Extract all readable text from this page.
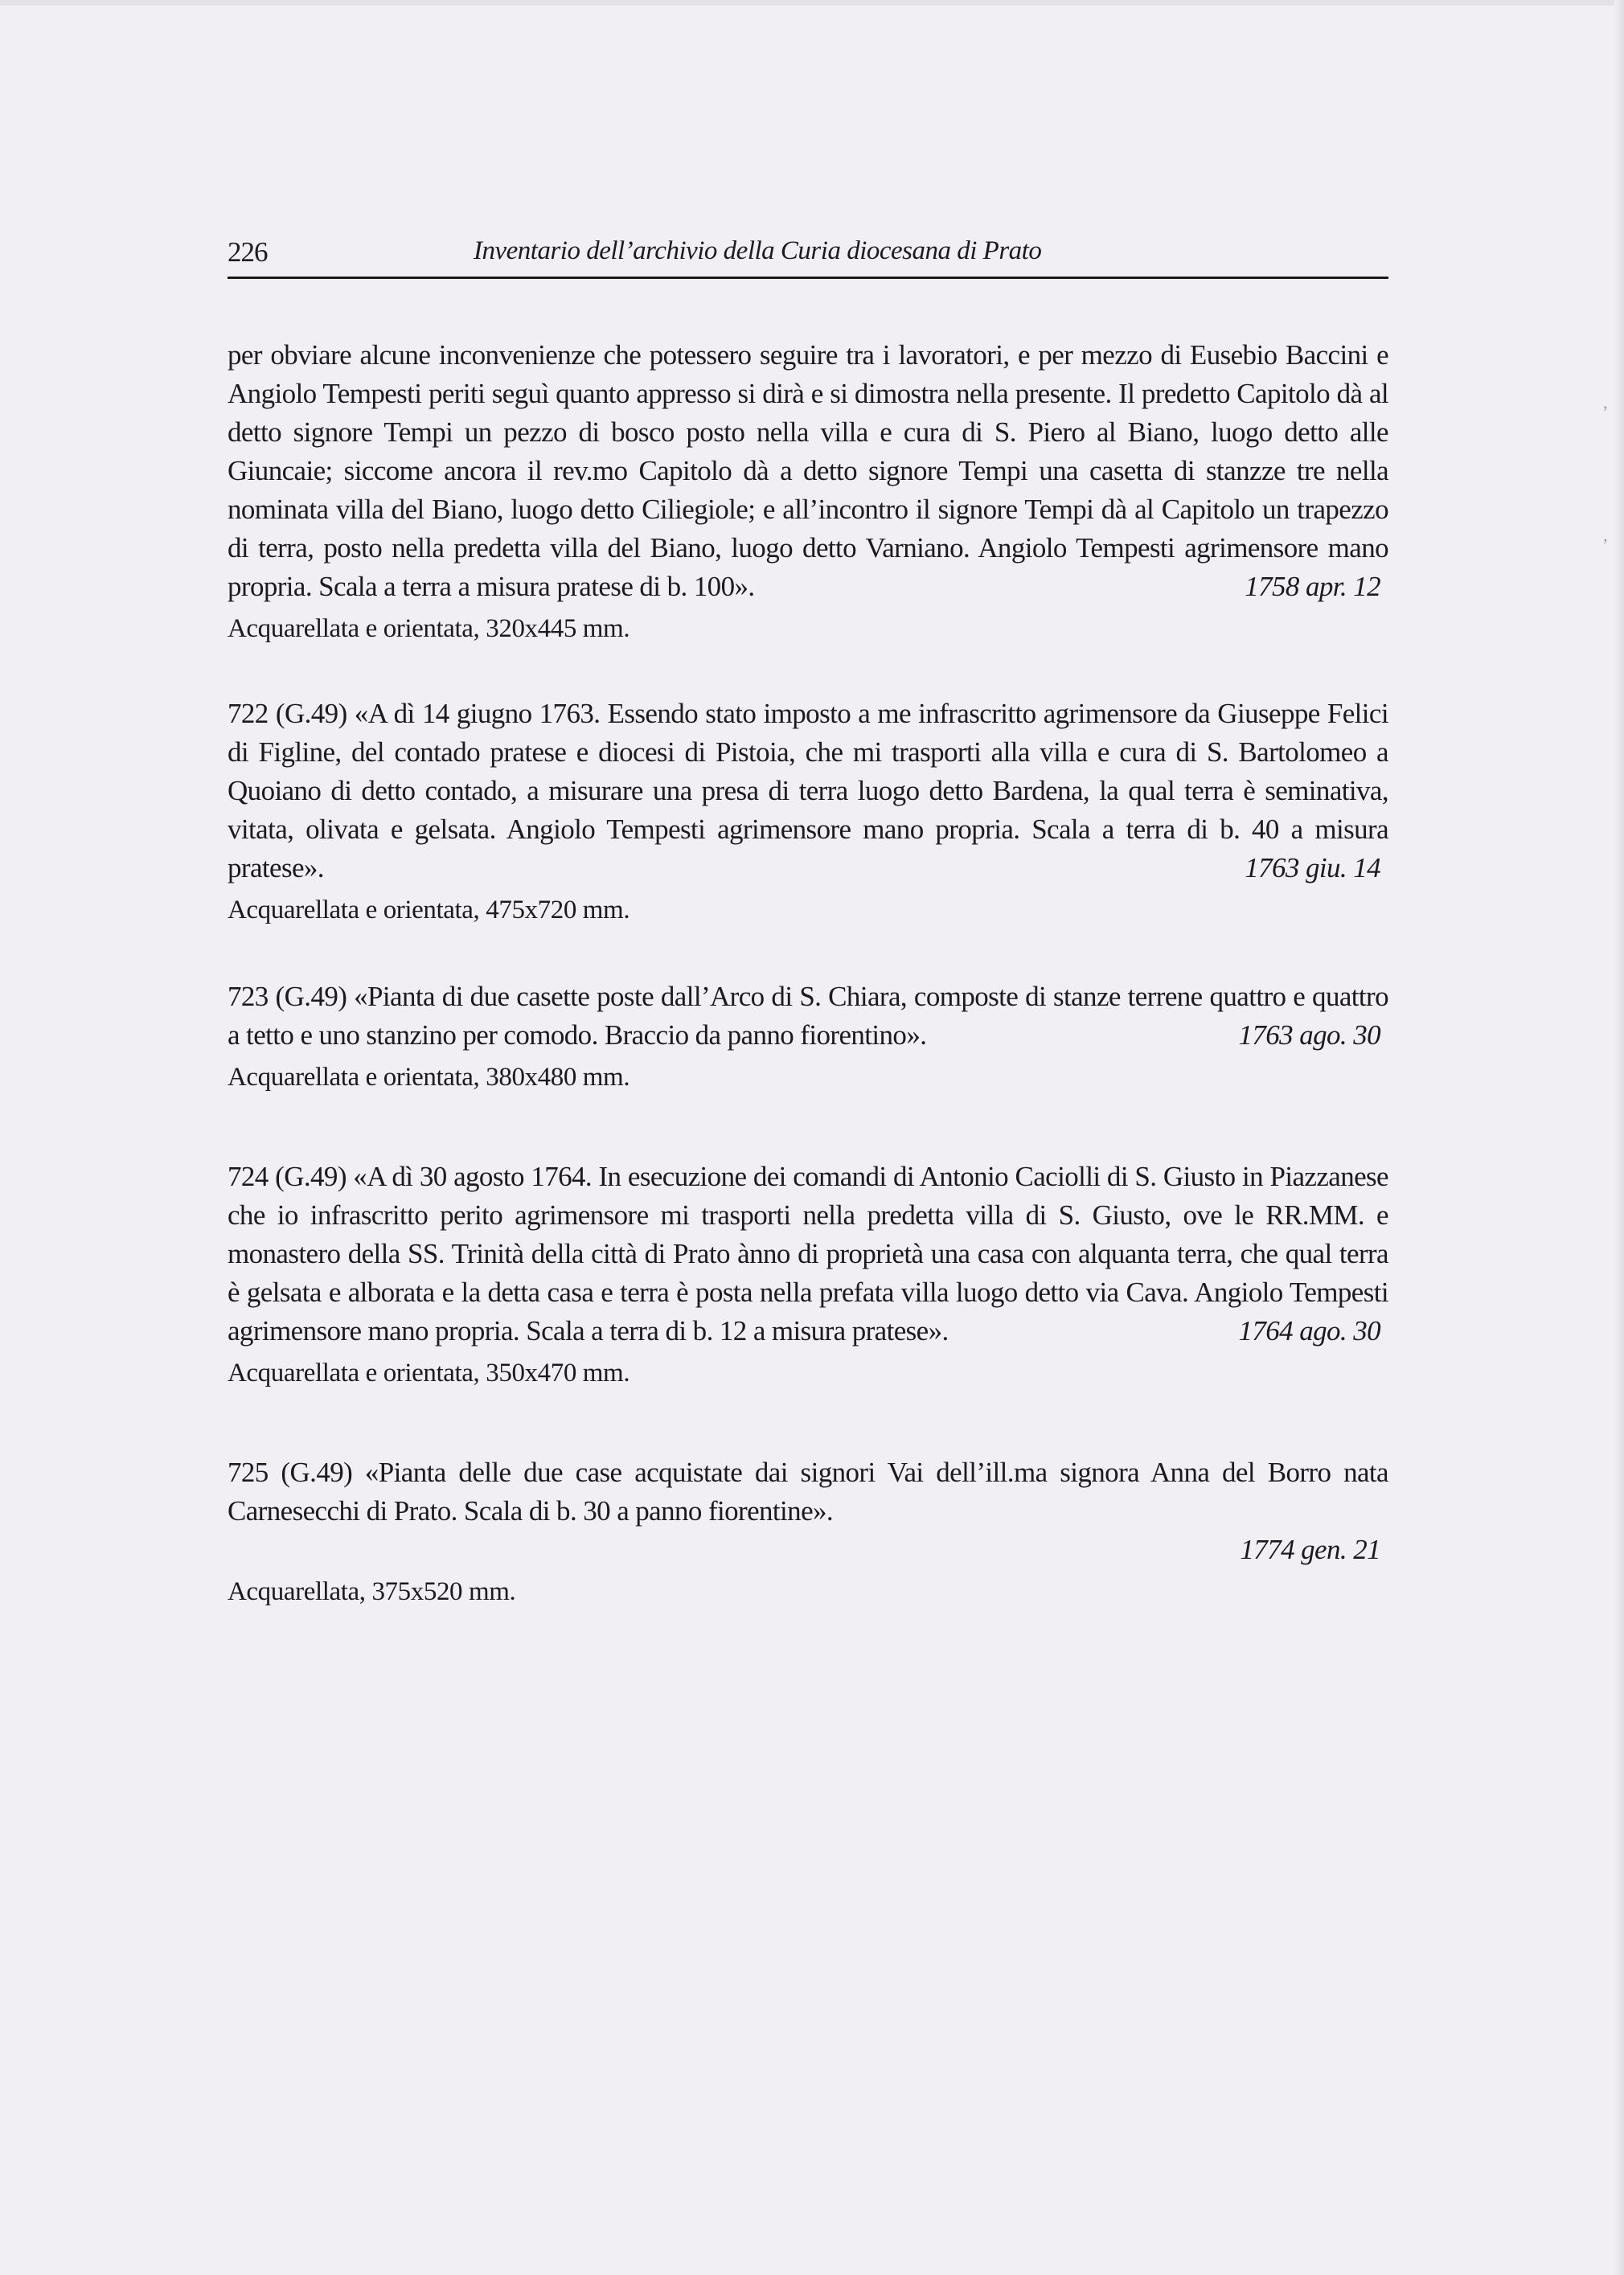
’
’
226	Inventario dell’archivio della Curia diocesana di Prato

per obviare alcune inconvenienze che potessero seguire tra i lavoratori, e per mezzo di Eusebio Baccini e Angiolo Tempesti periti seguì quanto appresso si dirà e si dimostra nella presente. Il predetto Capitolo dà al detto signore Tempi un pezzo di bosco posto nella villa e cura di S. Piero al Biano, luogo detto alle Giuncaie; siccome ancora il rev.mo Capitolo dà a detto signore Tempi una casetta di stanzze tre nella nominata villa del Biano, luogo detto Ciliegiole; e all’incontro il signore Tempi dà al Capitolo un trapezzo di terra, posto nella predetta villa del Biano, luogo detto Varniano. Angiolo Tempesti agrimensore mano propria. Scala a terra a misura pratese di b. 100».	1758 apr. 12

Acquarellata e orientata, 320x445 mm.

722 (G.49) «A dì 14 giugno 1763. Essendo stato imposto a me infrascritto agrimensore da Giuseppe Felici di Figline, del contado pratese e diocesi di Pistoia, che mi trasporti alla villa e cura di S. Bartolomeo a Quoiano di detto contado, a misurare una presa di terra luogo detto Bardena, la qual terra è seminativa, vitata, olivata e gelsata. Angiolo Tempesti agrimensore mano propria. Scala a terra di b. 40 a misura pratese».	1763 giu. 14

Acquarellata e orientata, 475x720 mm.

723 (G.49) «Pianta di due casette poste dall’Arco di S. Chiara, composte di stanze terrene quattro e quattro a tetto e uno stanzino per comodo. Braccio da panno fiorentino».	1763 ago. 30

Acquarellata e orientata, 380x480 mm.

724 (G.49) «A dì 30 agosto 1764. In esecuzione dei comandi di Antonio Caciolli di S. Giusto in Piazzanese che io infrascritto perito agrimensore mi trasporti nella predetta villa di S. Giusto, ove le RR.MM. e monastero della SS. Trinità della città di Prato ànno di proprietà una casa con alquanta terra, che qual terra è gelsata e alborata e la detta casa e terra è posta nella prefata villa luogo detto via Cava. Angiolo Tempesti agrimensore mano propria. Scala a terra di b. 12 a misura pratese».	1764 ago. 30

Acquarellata e orientata, 350x470 mm.

725 (G.49) «Pianta delle due case acquistate dai signori Vai dell’ill.ma signora Anna del Borro nata Carnesecchi di Prato. Scala di b. 30 a panno fiorentine».

1774 gen. 21
Acquarellata, 375x520 mm.
